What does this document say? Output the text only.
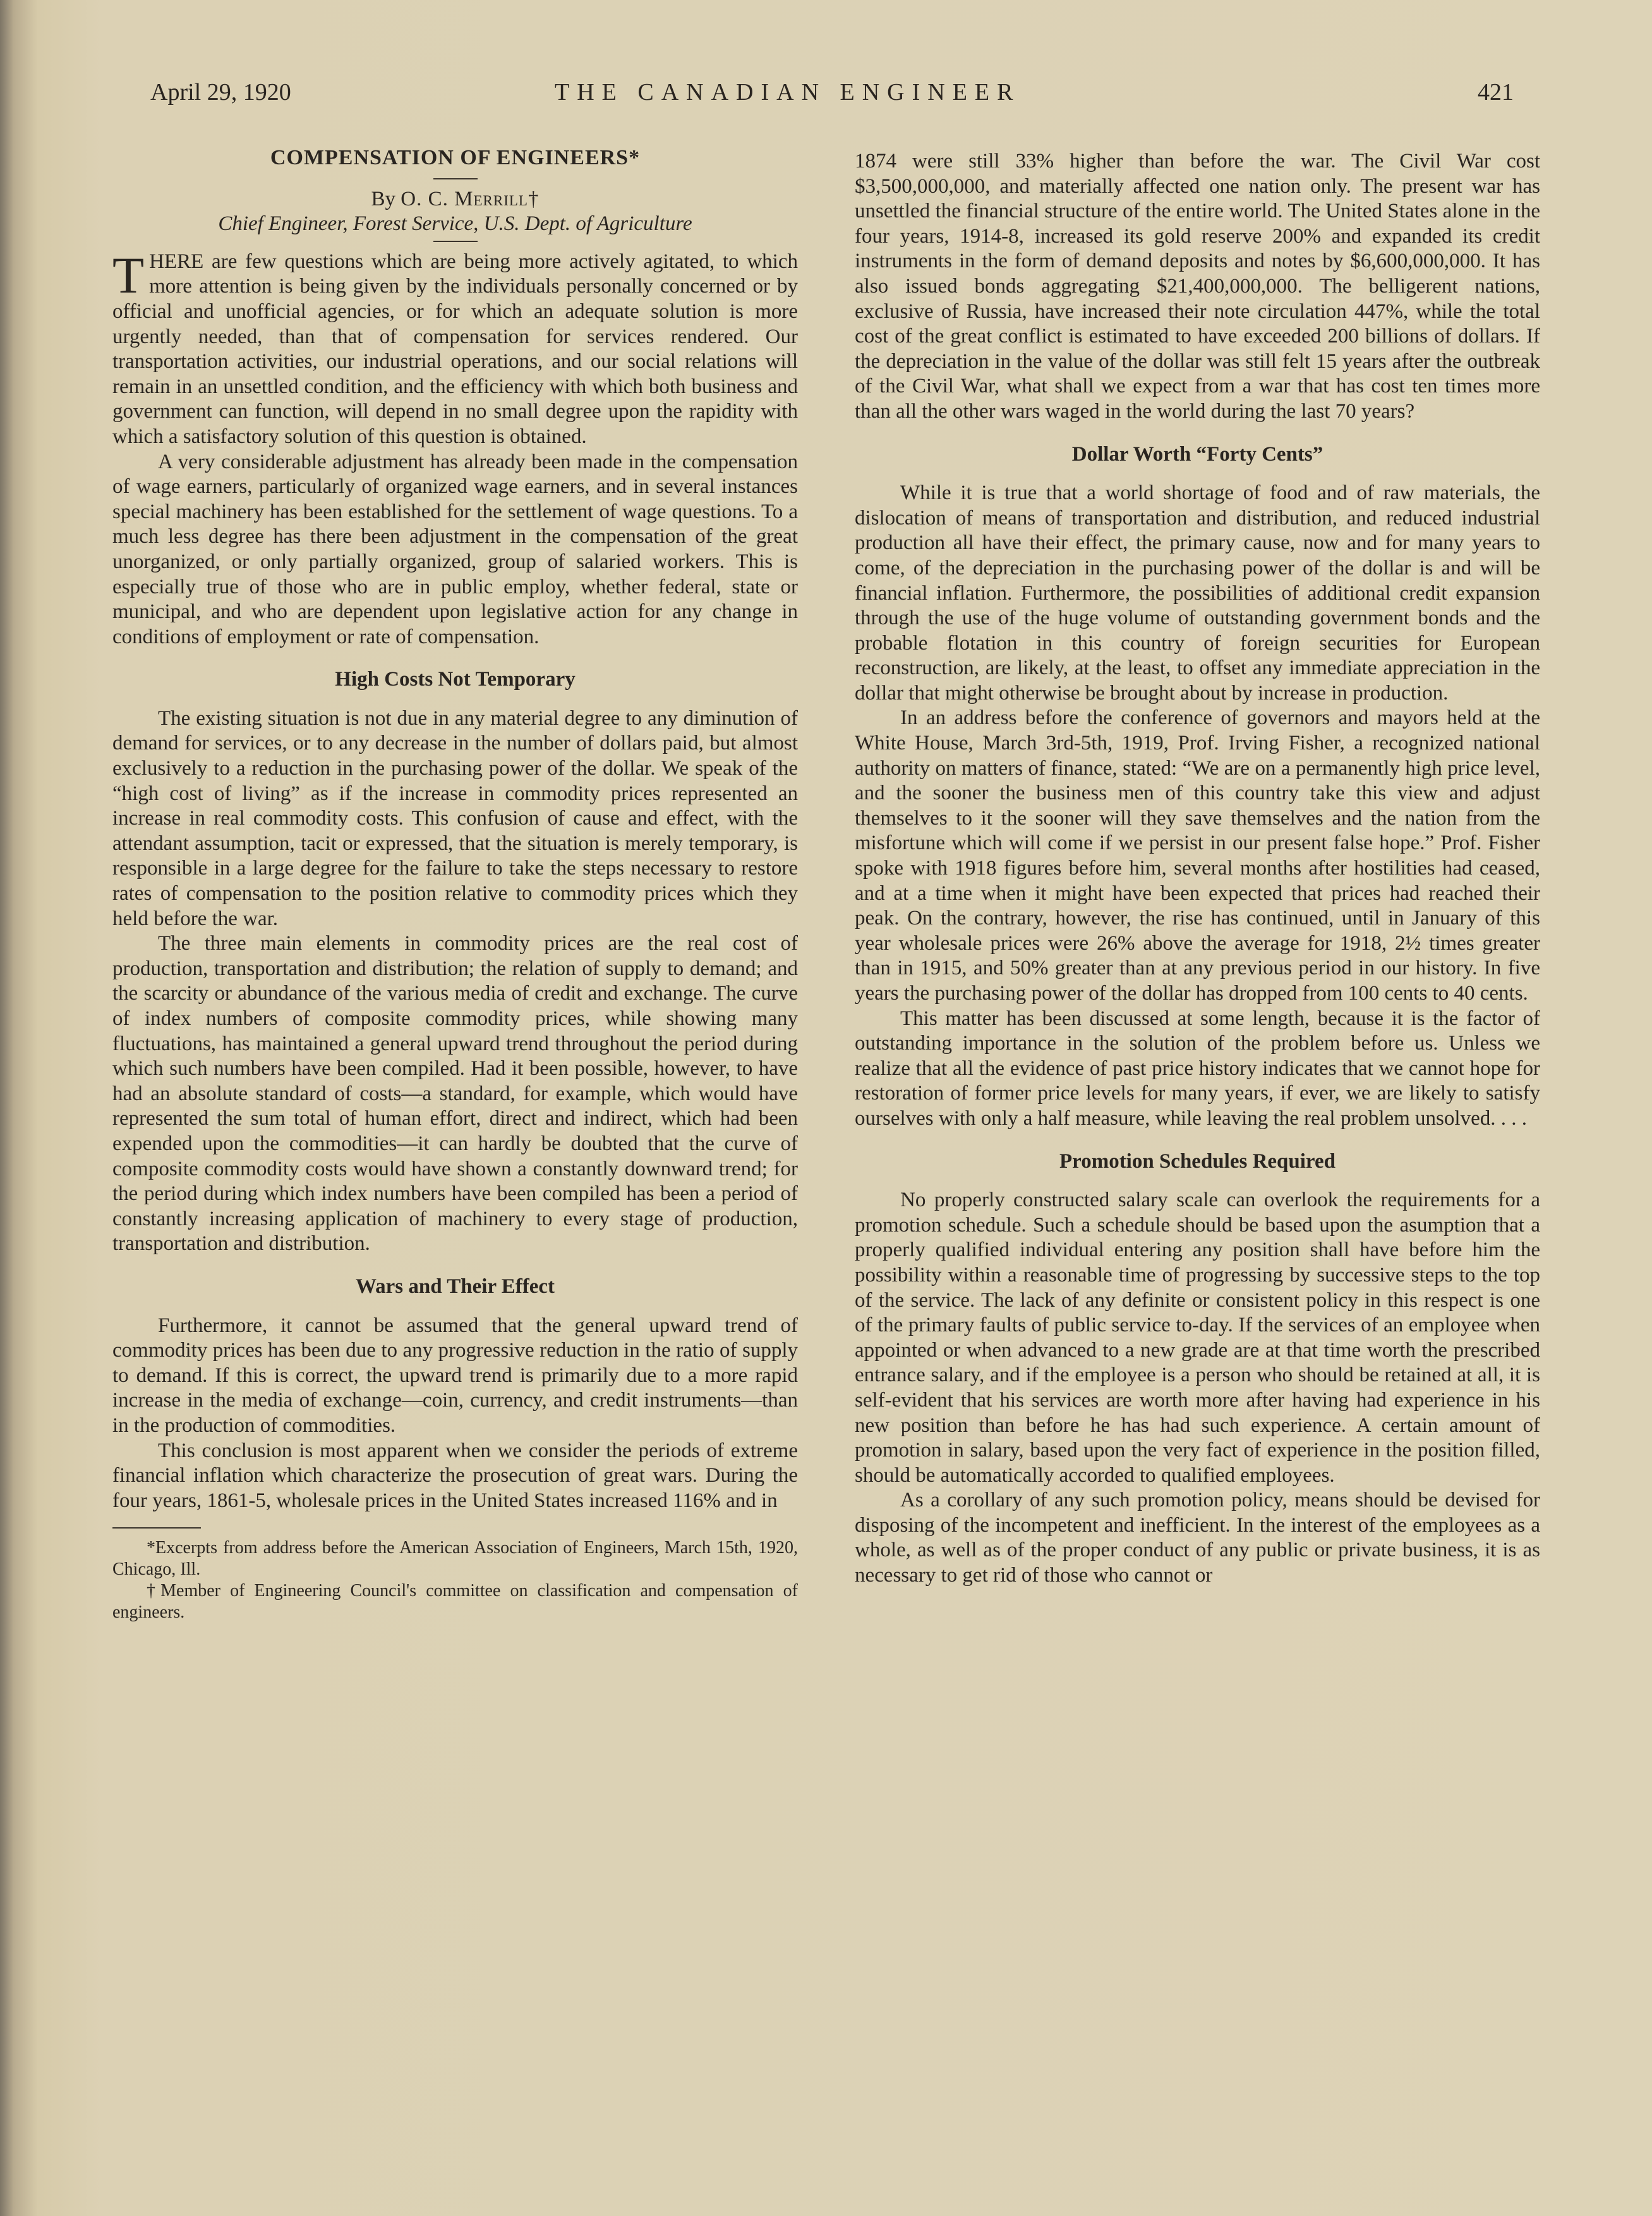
April 29, 1920	THE CANADIAN ENGINEER	421
COMPENSATION OF ENGINEERS*
By O. C. Merrill†
Chief Engineer, Forest Service, U.S. Dept. of Agriculture

THERE are few questions which are being more actively agitated, to which more attention is being given by the individuals personally concerned or by official and unofficial agencies, or for which an adequate solution is more urgently needed, than that of compensation for services rendered. Our transportation activities, our industrial operations, and our social relations will remain in an unsettled condition, and the efficiency with which both business and government can function, will depend in no small degree upon the rapidity with which a satisfactory solution of this question is obtained.

A very considerable adjustment has already been made in the compensation of wage earners, particularly of organized wage earners, and in several instances special machinery has been established for the settlement of wage questions. To a much less degree has there been adjustment in the compensation of the great unorganized, or only partially organized, group of salaried workers. This is especially true of those who are in public employ, whether federal, state or municipal, and who are dependent upon legislative action for any change in conditions of employment or rate of compensation.

High Costs Not Temporary

The existing situation is not due in any material degree to any diminution of demand for services, or to any decrease in the number of dollars paid, but almost exclusively to a reduction in the purchasing power of the dollar. We speak of the “high cost of living” as if the increase in commodity prices represented an increase in real commodity costs. This confusion of cause and effect, with the attendant assumption, tacit or expressed, that the situation is merely temporary, is responsible in a large degree for the failure to take the steps necessary to restore rates of compensation to the position relative to commodity prices which they held before the war.

The three main elements in commodity prices are the real cost of production, transportation and distribution; the relation of supply to demand; and the scarcity or abundance of the various media of credit and exchange. The curve of index numbers of composite commodity prices, while showing many fluctuations, has maintained a general upward trend throughout the period during which such numbers have been compiled. Had it been possible, however, to have had an absolute standard of costs—a standard, for example, which would have represented the sum total of human effort, direct and indirect, which had been expended upon the commodities—it can hardly be doubted that the curve of composite commodity costs would have shown a constantly downward trend; for the period during which index numbers have been compiled has been a period of constantly increasing application of machinery to every stage of production, transportation and distribution.

Wars and Their Effect

Furthermore, it cannot be assumed that the general upward trend of commodity prices has been due to any progressive reduction in the ratio of supply to demand. If this is correct, the upward trend is primarily due to a more rapid increase in the media of exchange—coin, currency, and credit instruments—than in the production of commodities.

This conclusion is most apparent when we consider the periods of extreme financial inflation which characterize the prosecution of great wars. During the four years, 1861-5, wholesale prices in the United States increased 116% and in

*Excerpts from address before the American Association of Engineers, March 15th, 1920, Chicago, Ill.

†Member of Engineering Council's committee on classification and compensation of engineers.

1874 were still 33% higher than before the war. The Civil War cost $3,500,000,000, and materially affected one nation only. The present war has unsettled the financial structure of the entire world. The United States alone in the four years, 1914-8, increased its gold reserve 200% and expanded its credit instruments in the form of demand deposits and notes by $6,600,000,000. It has also issued bonds aggregating $21,400,000,000. The belligerent nations, exclusive of Russia, have increased their note circulation 447%, while the total cost of the great conflict is estimated to have exceeded 200 billions of dollars. If the depreciation in the value of the dollar was still felt 15 years after the outbreak of the Civil War, what shall we expect from a war that has cost ten times more than all the other wars waged in the world during the last 70 years?

Dollar Worth “Forty Cents”

While it is true that a world shortage of food and of raw materials, the dislocation of means of transportation and distribution, and reduced industrial production all have their effect, the primary cause, now and for many years to come, of the depreciation in the purchasing power of the dollar is and will be financial inflation. Furthermore, the possibilities of additional credit expansion through the use of the huge volume of outstanding government bonds and the probable flotation in this country of foreign securities for European reconstruction, are likely, at the least, to offset any immediate appreciation in the dollar that might otherwise be brought about by increase in production.

In an address before the conference of governors and mayors held at the White House, March 3rd-5th, 1919, Prof. Irving Fisher, a recognized national authority on matters of finance, stated: “We are on a permanently high price level, and the sooner the business men of this country take this view and adjust themselves to it the sooner will they save themselves and the nation from the misfortune which will come if we persist in our present false hope.” Prof. Fisher spoke with 1918 figures before him, several months after hostilities had ceased, and at a time when it might have been expected that prices had reached their peak. On the contrary, however, the rise has continued, until in January of this year wholesale prices were 26% above the average for 1918, 2½ times greater than in 1915, and 50% greater than at any previous period in our history. In five years the purchasing power of the dollar has dropped from 100 cents to 40 cents.

This matter has been discussed at some length, because it is the factor of outstanding importance in the solution of the problem before us. Unless we realize that all the evidence of past price history indicates that we cannot hope for restoration of former price levels for many years, if ever, we are likely to satisfy ourselves with only a half measure, while leaving the real problem unsolved. . . .

Promotion Schedules Required

No properly constructed salary scale can overlook the requirements for a promotion schedule. Such a schedule should be based upon the asumption that a properly qualified individual entering any position shall have before him the possibility within a reasonable time of progressing by successive steps to the top of the service. The lack of any definite or consistent policy in this respect is one of the primary faults of public service to-day. If the services of an employee when appointed or when advanced to a new grade are at that time worth the prescribed entrance salary, and if the employee is a person who should be retained at all, it is self-evident that his services are worth more after having had experience in his new position than before he has had such experience. A certain amount of promotion in salary, based upon the very fact of experience in the position filled, should be automatically accorded to qualified employees.

As a corollary of any such promotion policy, means should be devised for disposing of the incompetent and inefficient. In the interest of the employees as a whole, as well as of the proper conduct of any public or private business, it is as necessary to get rid of those who cannot or
